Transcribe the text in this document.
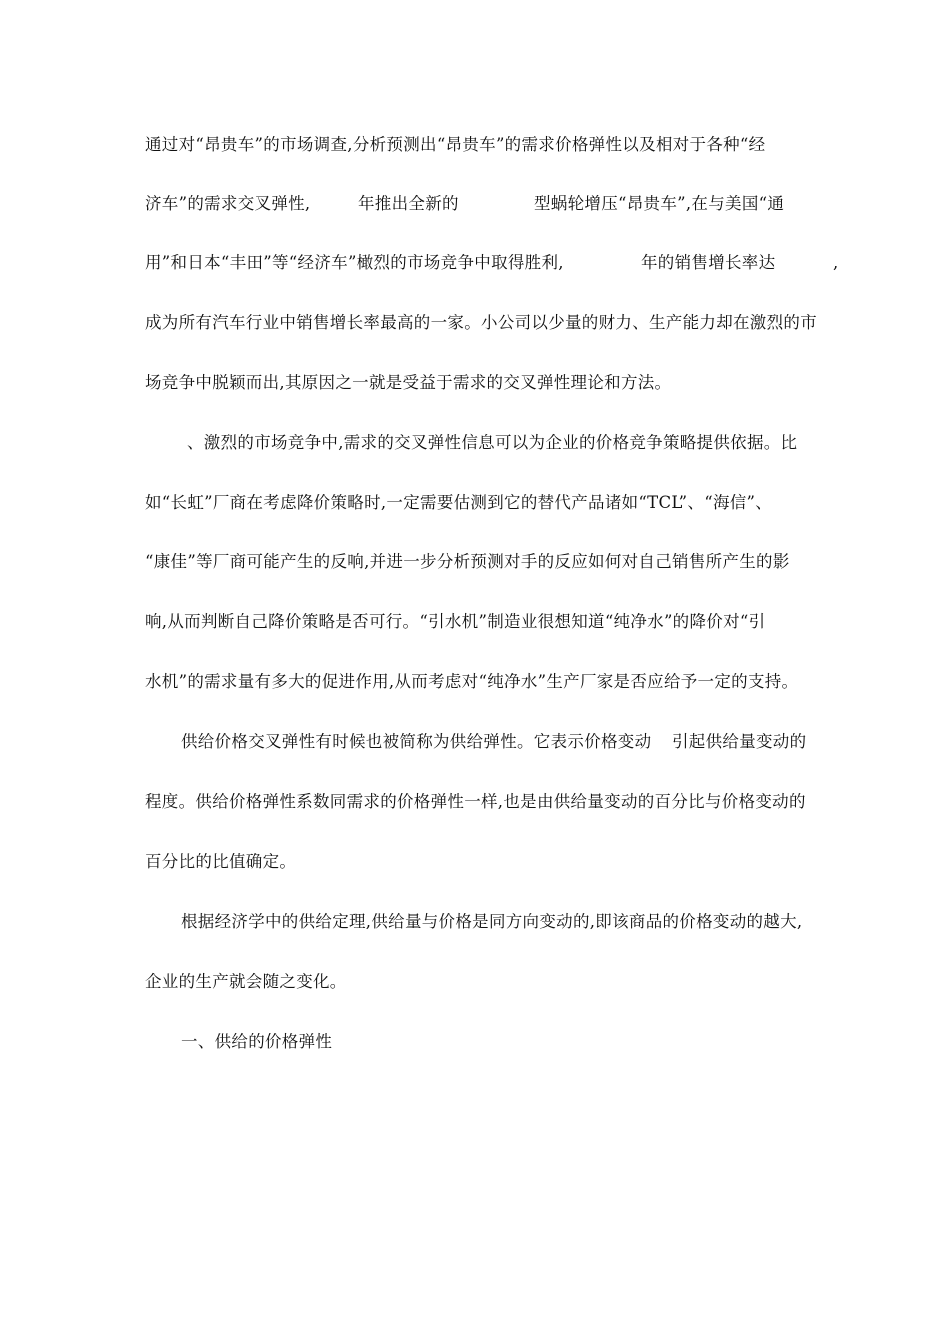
通过对“昂贵车”的市场调查,分析预测出“昂贵车”的需求价格弹性以及相对于各种“经

济车”的需求交叉弹性,

	年推出全新的

	型蜗轮增压“昂贵车”,在与美国“通

用”和日本“丰田”等“经济车”橄烈的市场竞争中取得胜利,

	年的销售增长率达

	,

成为所有汽车行业中销售增长率最高的一家。小公司以少量的财力、生产能力却在激烈的市
场竞争中脱颖而出,其原因之一就是受益于需求的交叉弹性理论和方法。
、激烈的市场竞争中,需求的交叉弹性信息可以为企业的价格竞争策略提供依据。比
如“长虹”厂商在考虑降价策略时,一定需要估测到它的替代产品诸如“TCL”、“海信”、
“康佳”等厂商可能产生的反响,并进一步分析预测对手的反应如何对自己销售所产生的影
响,从而判断自己降价策略是否可行。“引水机”制造业很想知道“纯净水”的降价对“引
水机”的需求量有多大的促进作用,从而考虑对“纯净水”生产厂家是否应给予一定的支持。

供给价格交叉弹性有时候也被简称为供给弹性。它表示价格变动

引起供给量变动的

程度。供给价格弹性系数同需求的价格弹性一样,也是由供给量变动的百分比与价格变动的
百分比的比值确定。
根据经济学中的供给定理,供给量与价格是同方向变动的,即该商品的价格变动的越大,
企业的生产就会随之变化。
一、供给的价格弹性
